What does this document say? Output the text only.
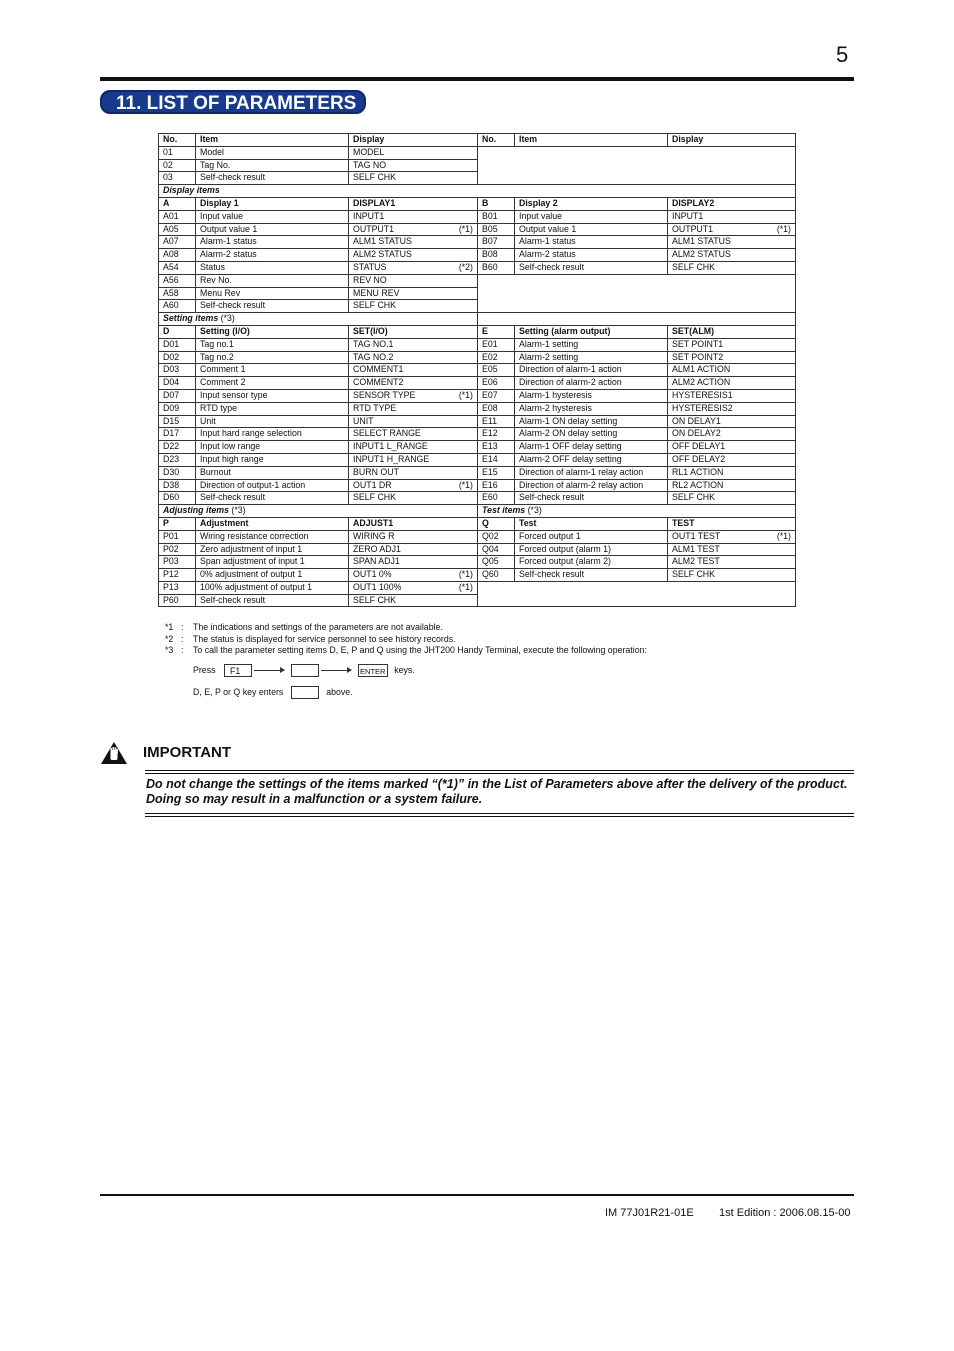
5
11. LIST OF PARAMETERS
No.	Item	Display	No.	Item	Display
01	Model	MODEL			
02	Tag No.	TAG NO			
03	Self-check result	SELF CHK			
Display items					
A	Display 1	DISPLAY1	B	Display 2	DISPLAY2
A01	Input value	INPUT1	B01	Input value	INPUT1
A05	Output value 1	OUTPUT1 (*1)	B05	Output value 1	OUTPUT1 (*1)

A07	Alarm-1 status	ALM1 STATUS	B07	Alarm-1 status	ALM1 STATUS
A08	Alarm-2 status	ALM2 STATUS	B08	Alarm-2 status	ALM2 STATUS
A54	Status	STATUS (*2)	B60	Self-check result	SELF CHK
A56	Rev No.	REV NO			
A58	Menu Rev	MENU REV			
A60	Self-check result	SELF CHK			
Setting items (*3)					
D	Setting (I/O)	SET(I/O)	E	Setting (alarm output)	SET(ALM)
D01	Tag no.1	TAG NO.1	E01	Alarm-1 setting	SET POINT1
D02	Tag no.2	TAG NO.2	E02	Alarm-2 setting	SET POINT2
D03	Comment 1	COMMENT1	E05	Direction of alarm-1 action	ALM1 ACTION
D04	Comment 2	COMMENT2	E06	Direction of alarm-2 action	ALM2 ACTION
D07	Input sensor type	SENSOR TYPE (*1)	E07	Alarm-1 hysteresis	HYSTERESIS1
D09	RTD type	RTD TYPE	E08	Alarm-2 hysteresis	HYSTERESIS2
D15	Unit	UNIT	E11	Alarm-1 ON delay setting	ON DELAY1
D17	Input hard range selection	SELECT RANGE	E12	Alarm-2 ON delay setting	ON DELAY2
D22	Input low range	INPUT1 L_RANGE	E13	Alarm-1 OFF delay setting	OFF DELAY1
D23	Input high range	INPUT1 H_RANGE	E14	Alarm-2 OFF delay setting	OFF DELAY2
D30	Burnout	BURN OUT	E15	Direction of alarm-1 relay action	RL1 ACTION
D38	Direction of output-1 action	OUT1 DR (*1)	E16	Direction of alarm-2 relay action	RL2 ACTION
D60	Self-check result	SELF CHK	E60	Self-check result	SELF CHK
Adjusting items (*3)			Test items (*3)		
P	Adjustment	ADJUST1	Q	Test	TEST
P01	Wiring resistance correction	WIRING R	Q02	Forced output 1	OUT1 TEST (*1)

P02	Zero adjustment of input 1	ZERO ADJ1	Q04	Forced output (alarm 1)	ALM1 TEST
P03	Span adjustment of input 1	SPAN ADJ1	Q05	Forced output (alarm 2)	ALM2 TEST
P12	0% adjustment of output 1	OUT1 0% (*1)	Q60	Self-check result	SELF CHK
P13	100% adjustment of output 1	OUT1 100% (*1)			

P60	Self-check result	SELF CHK			
*1 : The indications and settings of the parameters are not available.
*2 : The status is displayed for service personnel to see history records.
*3 : To call the parameter setting items D, E, P and Q using the JHT200 Handy Terminal, execute the following operation:
Press F1	ENTER keys.
D, E, P or Q key enters	above.
IMPORTANT
Do not change the settings of the items marked “(*1)” in the List of Parameters above after the delivery of the product. Doing so may result in a malfunction or a system failure.
IM 77J01R21-01E 1st Edition : 2006.08.15-00
